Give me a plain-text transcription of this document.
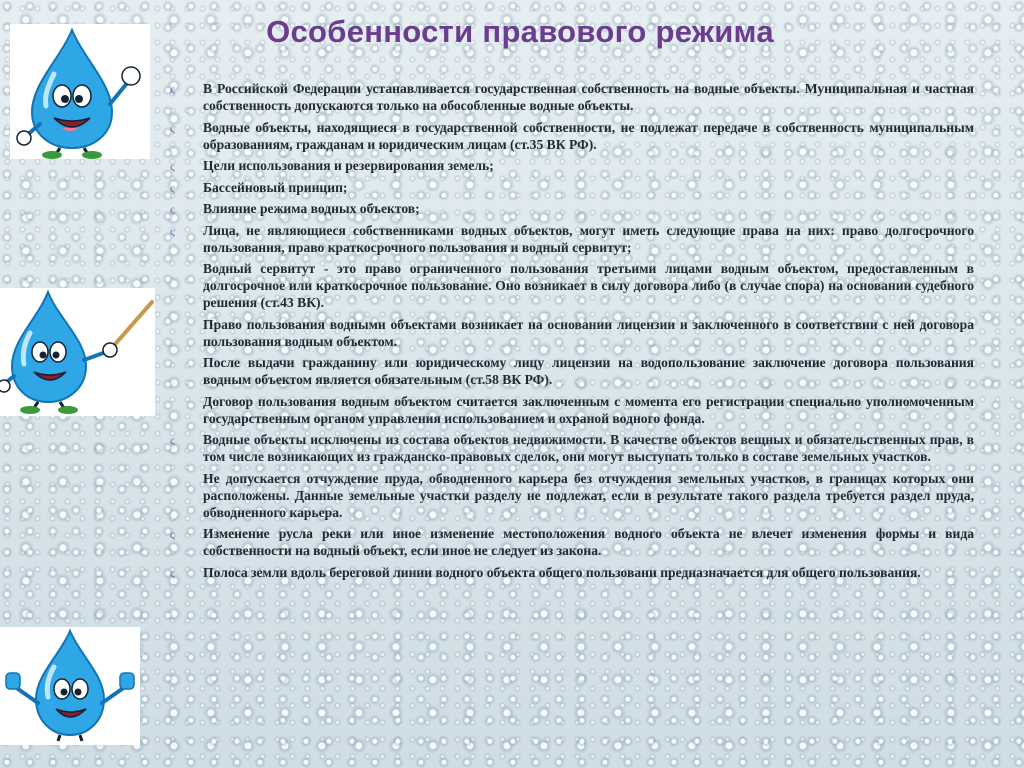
Особенности правового режима
ς В Российской Федерации устанавливается государственная собственность на водные объекты. Муниципальная и частная собственность допускаются только на обособленные водные объекты.
ς Водные объекты, находящиеся в государственной собственности, не подлежат передаче в собственность муниципальным образованиям, гражданам и юридическим лицам (ст.35 ВК РФ).
ς Цели использования и резервирования земель;
ς Бассейновый принцип;
ς Влияние режима водных объектов;
ς Лица, не являющиеся собственниками водных объектов, могут иметь следующие права на них: право долгосрочного пользования, право краткосрочного пользования и водный сервитут;
Водный сервитут - это право ограниченного пользования третьими лицами водным объектом, предоставленным в долгосрочное или краткосрочное пользование. Оно возникает в силу договора либо (в случае спора) на основании судебного решения (ст.43 ВК).
Право пользования водными объектами возникает на основании лицензии и заключенного в соответствии с ней договора пользования водным объектом.
После выдачи гражданину или юридическому лицу лицензии на водопользование заключение договора пользования водным объектом является обязательным (ст.58 ВК РФ).
Договор пользования водным объектом считается заключенным с момента его регистрации специально уполномоченным государственным органом управления использованием и охраной водного фонда.
ς Водные объекты исключены из состава объектов недвижимости. В качестве объектов вещных и обязательственных прав, в том числе возникающих из гражданско-правовых сделок, они могут выступать только в составе земельных участков.
Не допускается отчуждение пруда, обводненного карьера без отчуждения земельных участков, в границах которых они расположены. Данные земельные участки разделу не подлежат, если в результате такого раздела требуется раздел пруда, обводненного карьера.
ς Изменение русла реки или иное изменение местоположения водного объекта не влечет изменения формы и вида собственности на водный объект, если иное не следует из закона.
ς Полоса земли вдоль береговой линии водного объекта общего пользовани предназначается для общего пользования.
